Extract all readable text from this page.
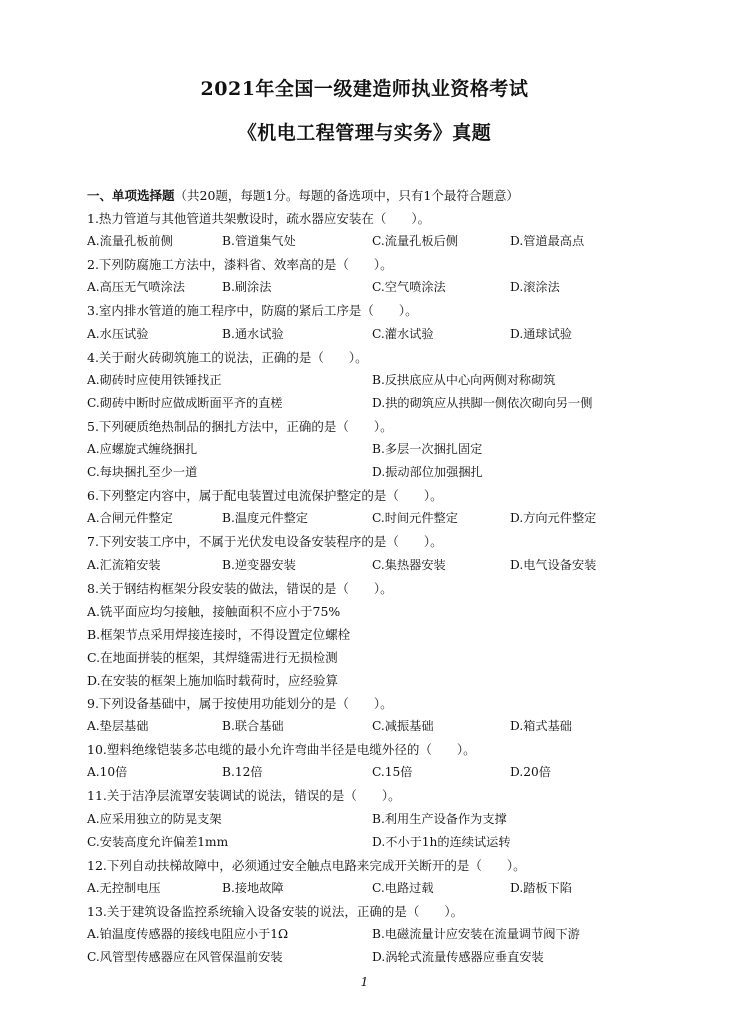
2021年全国一级建造师执业资格考试
《机电工程管理与实务》真题
一、单项选择题（共20题，每题1分。每题的备选项中，只有1个最符合题意）
1.热力管道与其他管道共架敷设时，疏水器应安装在（　　）。
A.流量孔板前侧	B.管道集气处	C.流量孔板后侧	D.管道最高点
2.下列防腐施工方法中，漆料省、效率高的是（　　）。
A.高压无气喷涂法	B.刷涂法	C.空气喷涂法	D.滚涂法
3.室内排水管道的施工程序中，防腐的紧后工序是（　　）。
A.水压试验	B.通水试验	C.灌水试验	D.通球试验
4.关于耐火砖砌筑施工的说法，正确的是（　　）。
A.砌砖时应使用铁锤找正	B.反拱底应从中心向两侧对称砌筑
C.砌砖中断时应做成断面平齐的直槎	D.拱的砌筑应从拱脚一侧依次砌向另一侧
5.下列硬质绝热制品的捆扎方法中，正确的是（　　）。
A.应螺旋式缠绕捆扎	B.多层一次捆扎固定
C.每块捆扎至少一道	D.振动部位加强捆扎
6.下列整定内容中，属于配电装置过电流保护整定的是（　　）。
A.合闸元件整定	B.温度元件整定	C.时间元件整定	D.方向元件整定
7.下列安装工序中，不属于光伏发电设备安装程序的是（　　）。
A.汇流箱安装	B.逆变器安装	C.集热器安装	D.电气设备安装
8.关于钢结构框架分段安装的做法，错误的是（　　）。
A.铣平面应均匀接触，接触面积不应小于75%
B.框架节点采用焊接连接时，不得设置定位螺栓
C.在地面拼装的框架，其焊缝需进行无损检测
D.在安装的框架上施加临时载荷时，应经验算
9.下列设备基础中，属于按使用功能划分的是（　　）。
A.垫层基础	B.联合基础	C.减振基础	D.箱式基础
10.塑料绝缘铠装多芯电缆的最小允许弯曲半径是电缆外径的（　　）。
A.10倍	B.12倍	C.15倍	D.20倍
11.关于洁净层流罩安装调试的说法，错误的是（　　）。
A.应采用独立的防晃支架	B.利用生产设备作为支撑
C.安装高度允许偏差1mm	D.不小于1h的连续试运转
12.下列自动扶梯故障中，必须通过安全触点电路来完成开关断开的是（　　）。
A.无控制电压	B.接地故障	C.电路过载	D.踏板下陷
13.关于建筑设备监控系统输入设备安装的说法，正确的是（　　）。
A.铂温度传感器的接线电阻应小于1Ω	B.电磁流量计应安装在流量调节阀下游
C.风管型传感器应在风管保温前安装	D.涡轮式流量传感器应垂直安装
1
